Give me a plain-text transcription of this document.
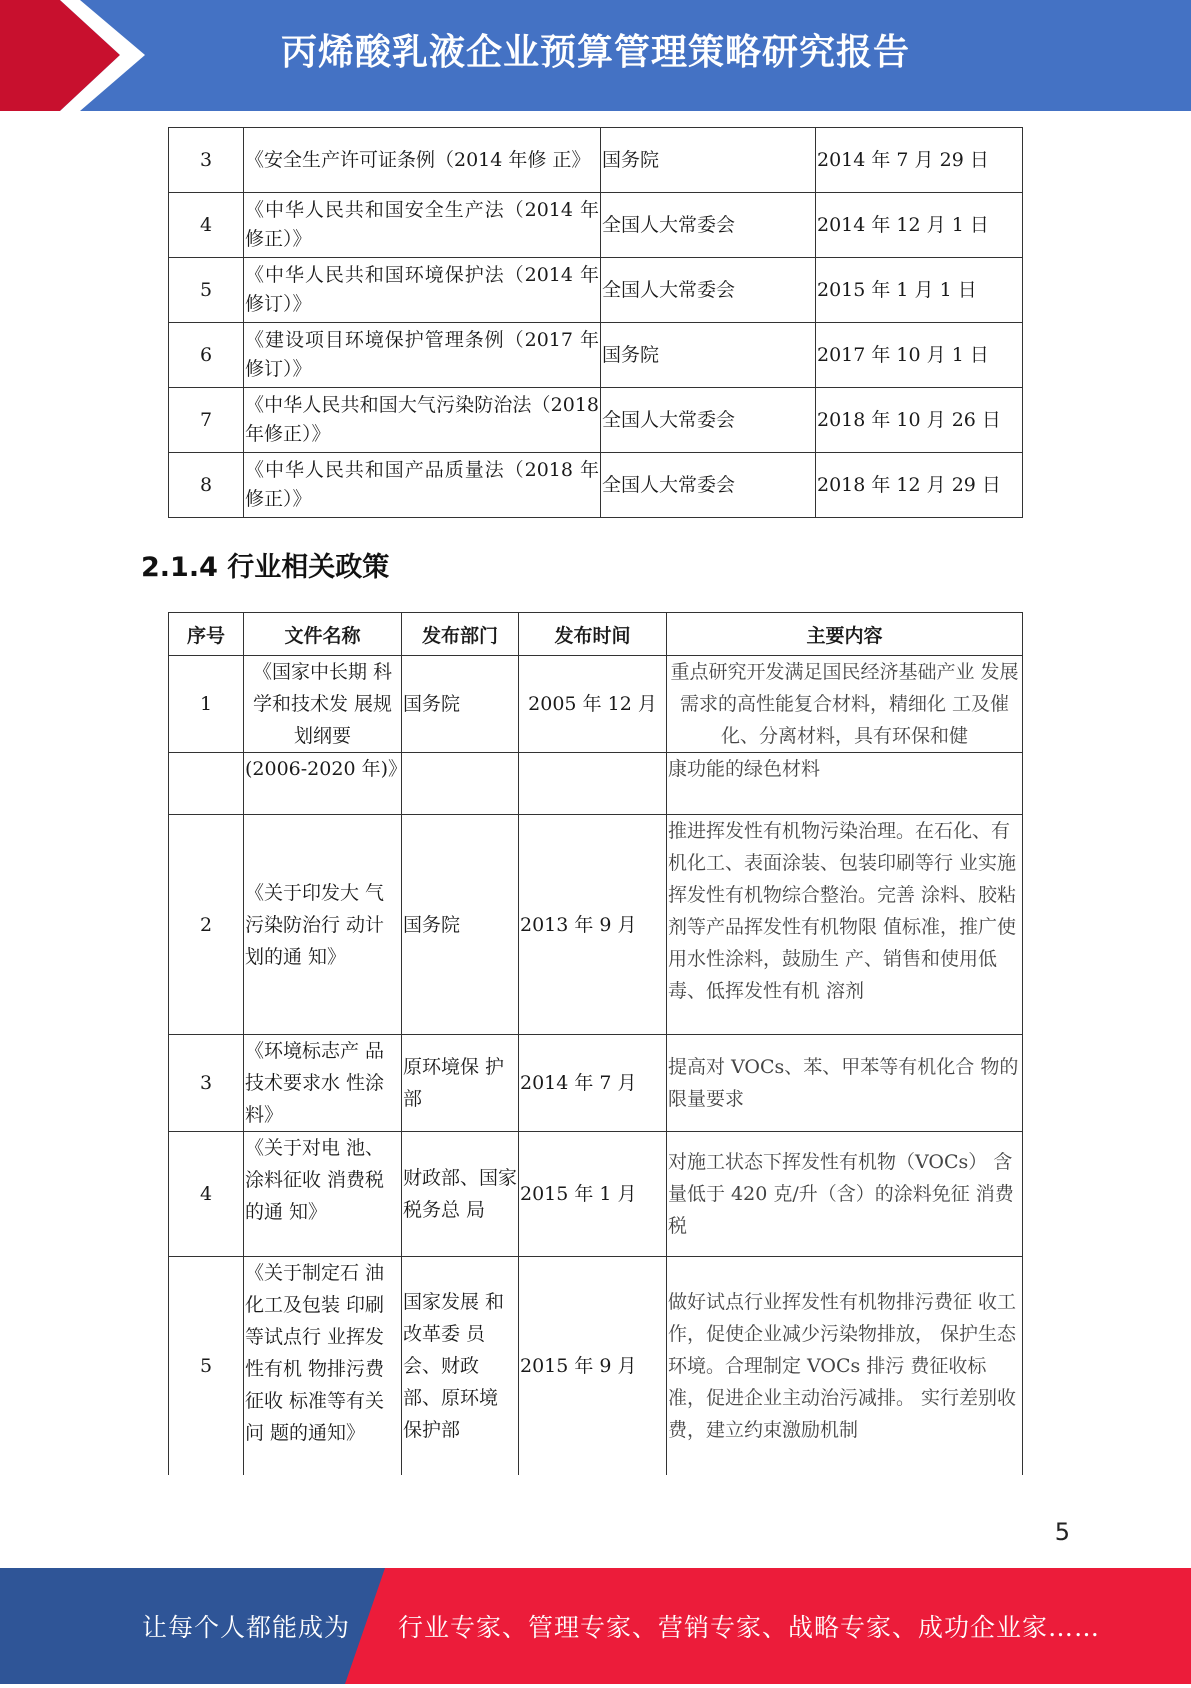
丙烯酸乳液企业预算管理策略研究报告
3	《安全生产许可证条例（2014 年修 正》	国务院	2014 年 7 月 29 日
4	《中华人民共和国安全生产法（2014 年修正）》	全国人大常委会	2014 年 12 月 1 日
5	《中华人民共和国环境保护法（2014 年修订）》	全国人大常委会	2015 年 1 月 1 日
6	《建设项目环境保护管理条例（2017 年修订）》	国务院	2017 年 10 月 1 日
7	《中华人民共和国大气污染防治法（2018 年修正）》	全国人大常委会	2018 年 10 月 26 日
8	《中华人民共和国产品质量法（2018 年修正）》	全国人大常委会	2018 年 12 月 29 日
2.1.4 行业相关政策
序号	文件名称	发布部门	发布时间	主要内容
1	《国家中长期 科学和技术发 展规划纲要	国务院	2005 年 12 月	重点研究开发满足国民经济基础产业 发展需求的高性能复合材料，精细化 工及催化、分离材料，具有环保和健
	(2006-2020 年)》			康功能的绿色材料
2	《关于印发大 气污染防治行 动计划的通 知》	国务院	2013 年 9 月	推进挥发性有机物污染治理。在石化、有机化工、表面涂装、包装印刷等行 业实施挥发性有机物综合整治。完善 涂料、胶粘剂等产品挥发性有机物限 值标准，推广使用水性涂料，鼓励生 产、销售和使用低毒、低挥发性有机 溶剂
3	《环境标志产 品技术要求水 性涂料》	原环境保 护部	2014 年 7 月	提高对 VOCs、苯、甲苯等有机化合 物的限量要求
4	《关于对电 池、涂料征收 消费税的通 知》	财政部、国家税务总 局	2015 年 1 月	对施工状态下挥发性有机物（VOCs） 含量低于 420 克/升（含）的涂料免征 消费税
5	《关于制定石 油化工及包装 印刷等试点行 业挥发性有机 物排污费征收 标准等有关问 题的通知》	国家发展 和改革委 员会、财政 部、原环境 保护部	2015 年 9 月	做好试点行业挥发性有机物排污费征 收工作，促使企业减少污染物排放， 保护生态环境。合理制定 VOCs 排污 费征收标准，促进企业主动治污减排。 实行差别收费，建立约束激励机制
5
让每个人都能成为 行业专家、管理专家、营销专家、战略专家、成功企业家……
